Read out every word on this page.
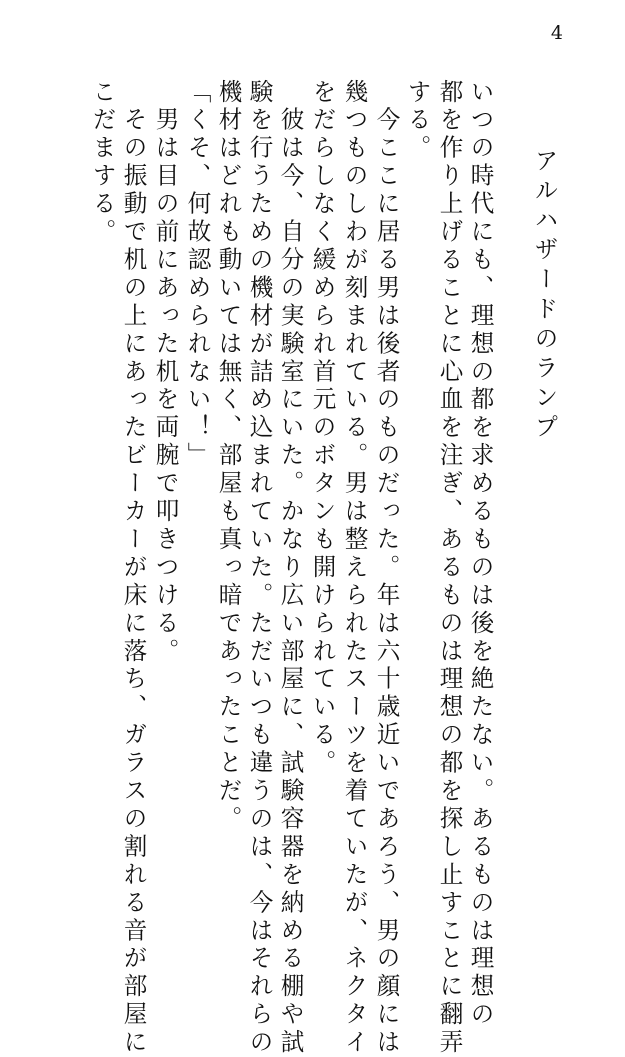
4
アルハザードのランプ
いつの時代にも、理想の都を求めるものは後を絶たない。あるものは理想の
都を作り上げることに心血を注ぎ、あるものは理想の都を探し止すことに翻弄
する。
　今ここに居る男は後者のものだった。年は六十歳近いであろう、男の顔には
幾つものしわが刻まれている。男は整えられたスーツを着ていたが、ネクタイ
をだらしなく緩められ首元のボタンも開けられている。
　彼は今、自分の実験室にいた。かなり広い部屋に、試験容器を納める棚や試
験を行うための機材が詰め込まれていた。ただいつも違うのは、今はそれらの
機材はどれも動いては無く、部屋も真っ暗であったことだ。
「くそ、何故認められない！」
　男は目の前にあった机を両腕で叩きつける。
　その振動で机の上にあったビーカーが床に落ち、ガラスの割れる音が部屋に
こだまする。
